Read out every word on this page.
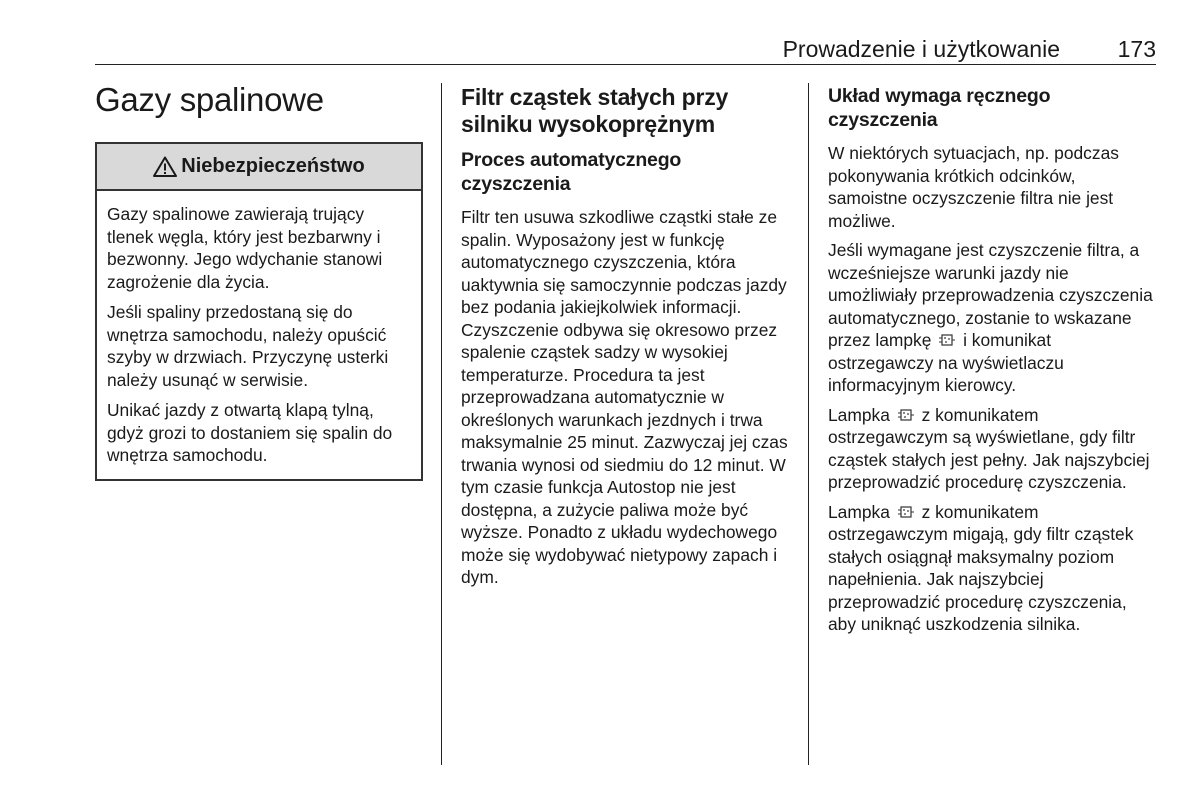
Prowadzenie i użytkowanie	173
Gazy spalinowe
Niebezpieczeństwo

Gazy spalinowe zawierają trujący tlenek węgla, który jest bezbarwny i bezwonny. Jego wdychanie stanowi zagrożenie dla życia.

Jeśli spaliny przedostaną się do wnętrza samochodu, należy opuścić szyby w drzwiach. Przyczynę usterki należy usunąć w serwisie.

Unikać jazdy z otwartą klapą tylną, gdyż grozi to dostaniem się spalin do wnętrza samochodu.

Filtr cząstek stałych przy silniku wysokoprężnym
Proces automatycznego czyszczenia

Filtr ten usuwa szkodliwe cząstki stałe ze spalin. Wyposażony jest w funkcję automatycznego czyszczenia, która uaktywnia się samoczynnie podczas jazdy bez podania jakiejkolwiek informacji. Czyszczenie odbywa się okresowo przez spalenie cząstek sadzy w wysokiej temperaturze. Procedura ta jest przeprowadzana automatycznie w określonych warunkach jezdnych i trwa maksymalnie 25 minut. Zazwyczaj jej czas trwania wynosi od siedmiu do 12 minut. W tym czasie funkcja Autostop nie jest dostępna, a zużycie paliwa może być wyższe. Ponadto z układu wydechowego może się wydobywać nietypowy zapach i dym.

Układ wymaga ręcznego czyszczenia

W niektórych sytuacjach, np. podczas pokonywania krótkich odcinków, samoistne oczyszczenie filtra nie jest możliwe.

Jeśli wymagane jest czyszczenie filtra, a wcześniejsze warunki jazdy nie umożliwiały przeprowadzenia czyszczenia automatycznego, zostanie to wskazane przez lampkę i komunikat ostrzegawczy na wyświetlaczu informacyjnym kierowcy.

Lampka z komunikatem ostrzegawczym są wyświetlane, gdy filtr cząstek stałych jest pełny. Jak najszybciej przeprowadzić procedurę czyszczenia.

Lampka z komunikatem ostrzegawczym migają, gdy filtr cząstek stałych osiągnął maksymalny poziom napełnienia. Jak najszybciej przeprowadzić procedurę czyszczenia, aby uniknąć uszkodzenia silnika.
